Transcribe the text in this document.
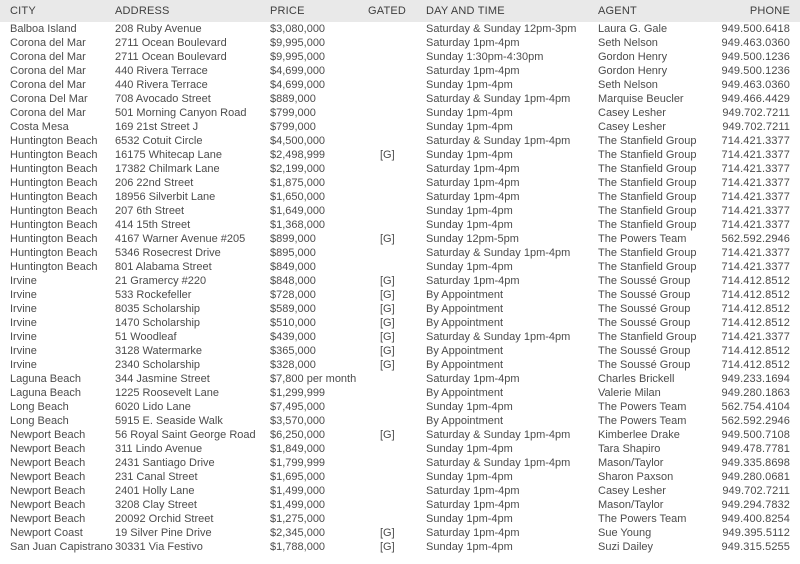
CITY	ADDRESS	PRICE	GATED	DAY AND TIME	AGENT	PHONE
Balboa Island	208 Ruby Avenue	$3,080,000		Saturday & Sunday 12pm-3pm	Laura G. Gale	949.500.6418
Corona del Mar	2711 Ocean Boulevard	$9,995,000		Saturday 1pm-4pm	Seth Nelson	949.463.0360
Corona del Mar	2711 Ocean Boulevard	$9,995,000		Sunday 1:30pm-4:30pm	Gordon Henry	949.500.1236
Corona del Mar	440 Rivera Terrace	$4,699,000		Saturday 1pm-4pm	Gordon Henry	949.500.1236
Corona del Mar	440 Rivera Terrace	$4,699,000		Sunday 1pm-4pm	Seth Nelson	949.463.0360
Corona Del Mar	708 Avocado Street	$889,000		Saturday & Sunday 1pm-4pm	Marquise Beucler	949.466.4429
Corona del Mar	501 Morning Canyon Road	$799,000		Sunday 1pm-4pm	Casey Lesher	949.702.7211
Costa Mesa	169 21st Street J	$799,000		Sunday 1pm-4pm	Casey Lesher	949.702.7211
Huntington Beach	6532 Cotuit Circle	$4,500,000		Saturday & Sunday 1pm-4pm	The Stanfield Group	714.421.3377
Huntington Beach	16175 Whitecap Lane	$2,498,999	[G]	Sunday 1pm-4pm	The Stanfield Group	714.421.3377
Huntington Beach	17382 Chilmark Lane	$2,199,000		Saturday 1pm-4pm	The Stanfield Group	714.421.3377
Huntington Beach	206 22nd Street	$1,875,000		Saturday 1pm-4pm	The Stanfield Group	714.421.3377
Huntington Beach	18956 Silverbit Lane	$1,650,000		Saturday 1pm-4pm	The Stanfield Group	714.421.3377
Huntington Beach	207 6th Street	$1,649,000		Sunday 1pm-4pm	The Stanfield Group	714.421.3377
Huntington Beach	414 15th Street	$1,368,000		Sunday 1pm-4pm	The Stanfield Group	714.421.3377
Huntington Beach	4167 Warner Avenue #205	$899,000	[G]	Sunday 12pm-5pm	The Powers Team	562.592.2946
Huntington Beach	5346 Rosecrest Drive	$895,000		Saturday & Sunday 1pm-4pm	The Stanfield Group	714.421.3377
Huntington Beach	801 Alabama Street	$849,000		Sunday 1pm-4pm	The Stanfield Group	714.421.3377
Irvine	21 Gramercy #220	$848,000	[G]	Saturday 1pm-4pm	The Soussé Group	714.412.8512
Irvine	533 Rockefeller	$728,000	[G]	By Appointment	The Soussé Group	714.412.8512
Irvine	8035 Scholarship	$589,000	[G]	By Appointment	The Soussé Group	714.412.8512
Irvine	1470 Scholarship	$510,000	[G]	By Appointment	The Soussé Group	714.412.8512
Irvine	51 Woodleaf	$439,000	[G]	Saturday & Sunday 1pm-4pm	The Stanfield Group	714.421.3377
Irvine	3128 Watermarke	$365,000	[G]	By Appointment	The Soussé Group	714.412.8512
Irvine	2340 Scholarship	$328,000	[G]	By Appointment	The Soussé Group	714.412.8512
Laguna Beach	344 Jasmine Street	$7,800 per month		Saturday 1pm-4pm	Charles Brickell	949.233.1694
Laguna Beach	1225 Roosevelt Lane	$1,299,999		By Appointment	Valerie Milan	949.280.1863
Long Beach	6020 Lido Lane	$7,495,000		Sunday 1pm-4pm	The Powers Team	562.754.4104
Long Beach	5915 E. Seaside Walk	$3,570,000		By Appointment	The Powers Team	562.592.2946
Newport Beach	56 Royal Saint George Road	$6,250,000	[G]	Saturday & Sunday 1pm-4pm	Kimberlee Drake	949.500.7108
Newport Beach	311 Lindo Avenue	$1,849,000		Sunday 1pm-4pm	Tara Shapiro	949.478.7781
Newport Beach	2431 Santiago Drive	$1,799,999		Saturday & Sunday 1pm-4pm	Mason/Taylor	949.335.8698
Newport Beach	231 Canal Street	$1,695,000		Sunday 1pm-4pm	Sharon Paxson	949.280.0681
Newport Beach	2401 Holly Lane	$1,499,000		Saturday 1pm-4pm	Casey Lesher	949.702.7211
Newport Beach	3208 Clay Street	$1,499,000		Saturday 1pm-4pm	Mason/Taylor	949.294.7832
Newport Beach	20092 Orchid Street	$1,275,000		Sunday 1pm-4pm	The Powers Team	949.400.8254
Newport Coast	19 Silver Pine Drive	$2,345,000	[G]	Saturday 1pm-4pm	Sue Young	949.395.5112
San Juan Capistrano	30331 Via Festivo	$1,788,000	[G]	Sunday 1pm-4pm	Suzi Dailey	949.315.5255
